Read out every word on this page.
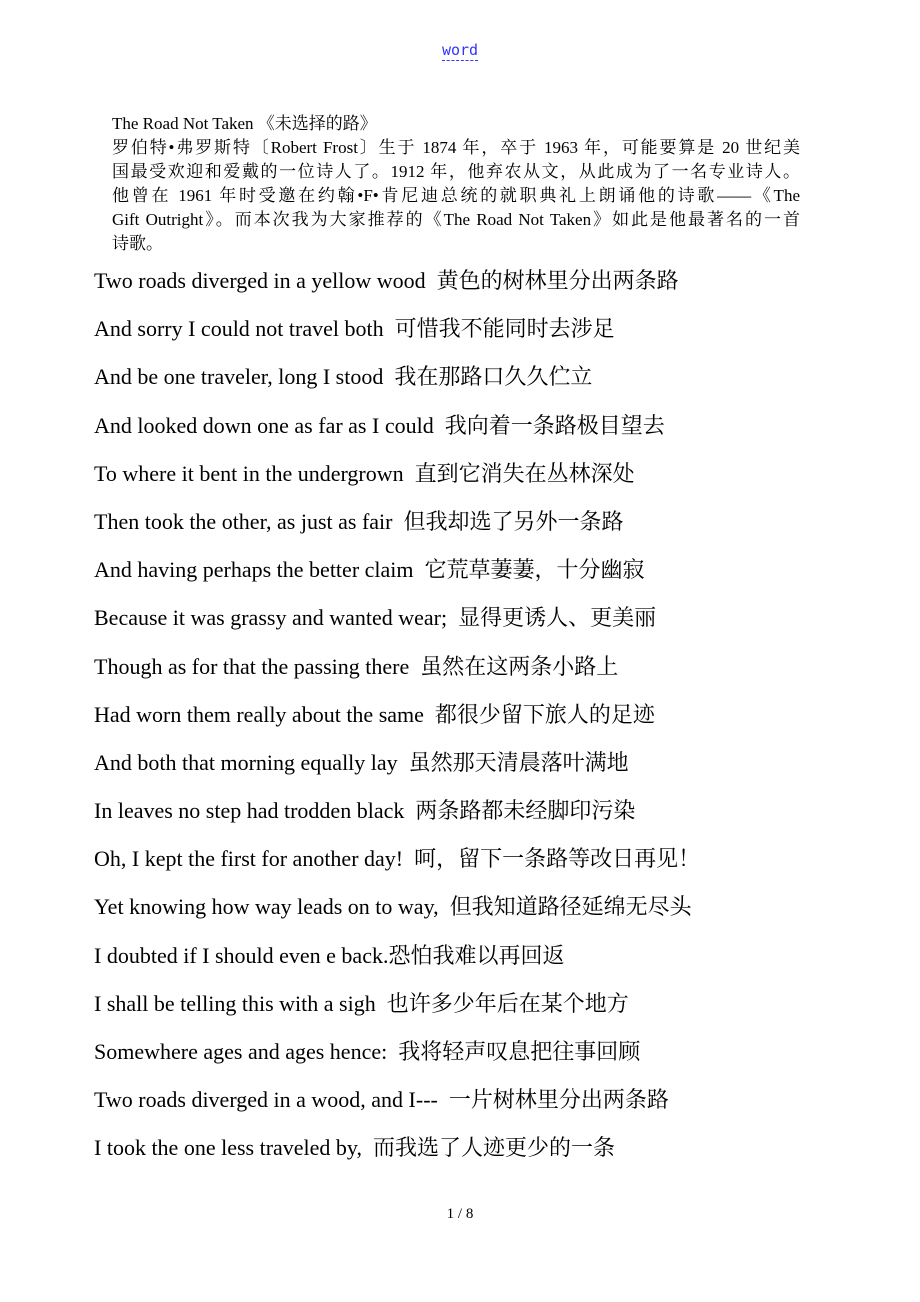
word
The Road Not Taken 《未选择的路》
罗伯特•弗罗斯特〔Robert Frost〕生于 1874 年，卒于 1963 年，可能要算是 20 世纪美
国最受欢迎和爱戴的一位诗人了。1912 年，他弃农从文，从此成为了一名专业诗人。
他曾在 1961 年时受邀在约翰•F•肯尼迪总统的就职典礼上朗诵他的诗歌——《The
Gift Outright》。而本次我为大家推荐的《The Road Not Taken》如此是他最著名的一首
诗歌。
Two roads diverged in a yellow wood  黄色的树林里分出两条路
And sorry I could not travel both  可惜我不能同时去涉足
And be one traveler, long I stood  我在那路口久久伫立
And looked down one as far as I could  我向着一条路极目望去
To where it bent in the undergrown  直到它消失在丛林深处
Then took the other, as just as fair  但我却选了另外一条路
And having perhaps the better claim  它荒草萋萋，十分幽寂
Because it was grassy and wanted wear;  显得更诱人、更美丽
Though as for that the passing there  虽然在这两条小路上
Had worn them really about the same  都很少留下旅人的足迹
And both that morning equally lay  虽然那天清晨落叶满地
In leaves no step had trodden black  两条路都未经脚印污染
Oh, I kept the first for another day!  呵，留下一条路等改日再见！
Yet knowing how way leads on to way,  但我知道路径延绵无尽头
I doubted if I should even e back.恐怕我难以再回返
I shall be telling this with a sigh  也许多少年后在某个地方
Somewhere ages and ages hence:  我将轻声叹息把往事回顾
Two roads diverged in a wood, and I---  一片树林里分出两条路
I took the one less traveled by,  而我选了人迹更少的一条
1 / 8
